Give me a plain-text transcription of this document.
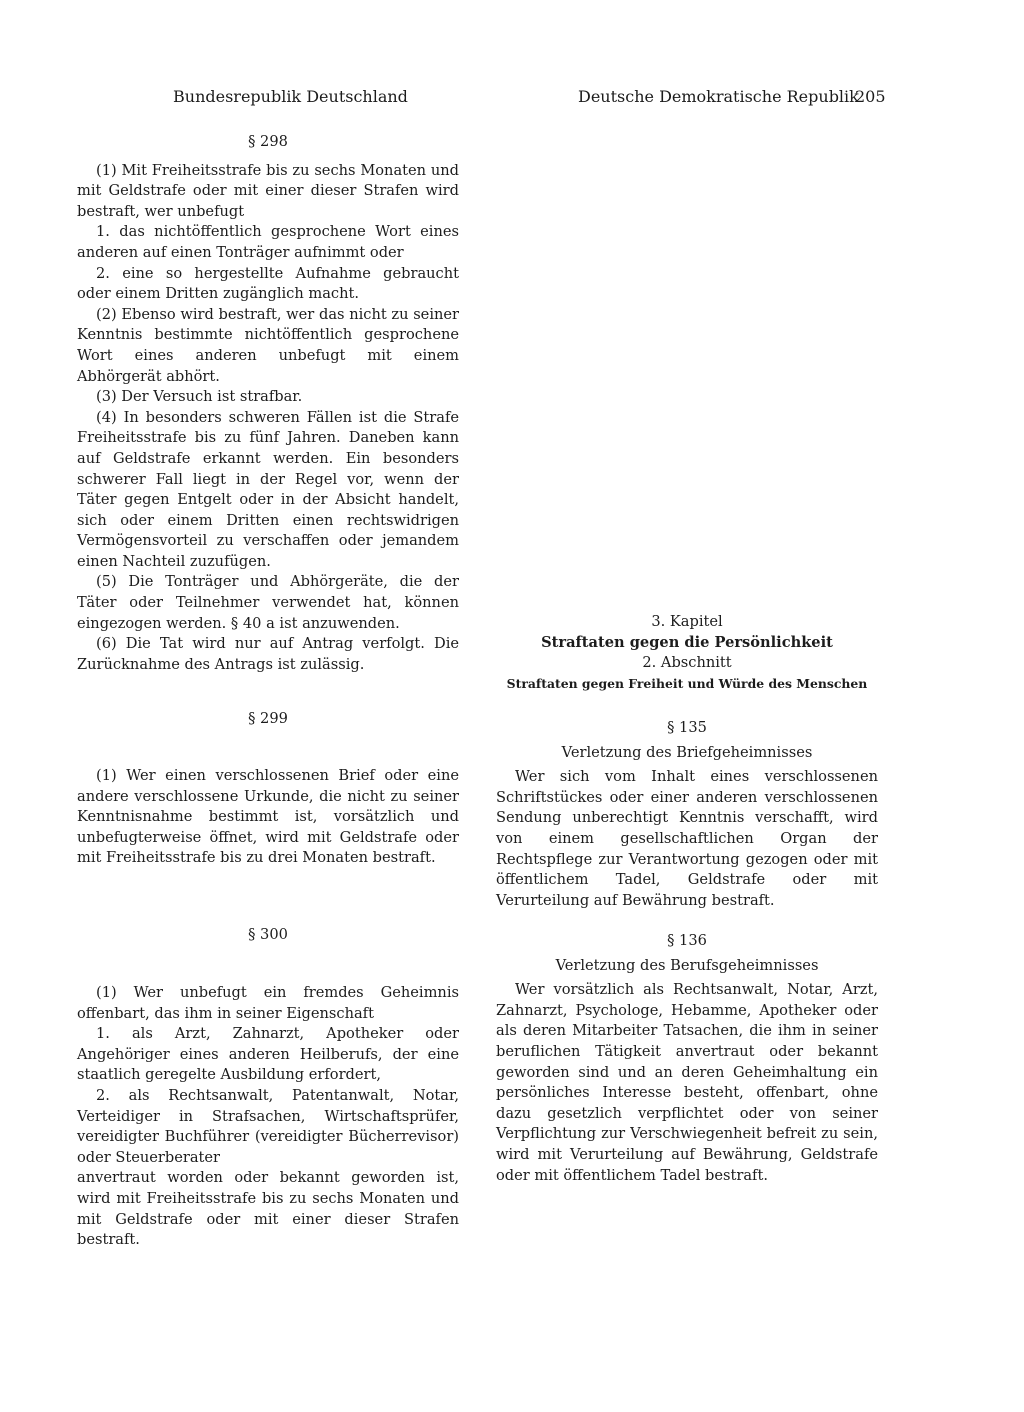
Bundesrepublik Deutschland	Deutsche Demokratische Republik
205
§ 298

(1) Mit Freiheitsstrafe bis zu sechs Monaten und mit Geldstrafe oder mit einer dieser Strafen wird bestraft, wer unbefugt

1. das nichtöffentlich gesprochene Wort eines anderen auf einen Tonträger aufnimmt oder

2. eine so hergestellte Aufnahme gebraucht oder einem Dritten zugänglich macht.

(2) Ebenso wird bestraft, wer das nicht zu seiner Kenntnis bestimmte nichtöffentlich gesprochene Wort eines anderen unbefugt mit einem Abhörgerät abhört.

(3) Der Versuch ist strafbar.

(4) In besonders schweren Fällen ist die Strafe Freiheitsstrafe bis zu fünf Jahren. Daneben kann auf Geldstrafe erkannt werden. Ein besonders schwerer Fall liegt in der Regel vor, wenn der Täter gegen Entgelt oder in der Absicht handelt, sich oder einem Dritten einen rechtswidrigen Vermögensvorteil zu verschaffen oder jemandem einen Nachteil zuzufügen.

(5) Die Tonträger und Abhörgeräte, die der Täter oder Teilnehmer verwendet hat, können eingezogen werden. § 40 a ist anzuwenden.

(6) Die Tat wird nur auf Antrag verfolgt. Die Zurücknahme des Antrags ist zulässig.

§ 299

(1) Wer einen verschlossenen Brief oder eine andere verschlossene Urkunde, die nicht zu seiner Kenntnisnahme bestimmt ist, vorsätzlich und unbefugterweise öffnet, wird mit Geldstrafe oder mit Freiheitsstrafe bis zu drei Monaten bestraft.

§ 300

(1) Wer unbefugt ein fremdes Geheimnis offenbart, das ihm in seiner Eigenschaft

1. als Arzt, Zahnarzt, Apotheker oder Angehöriger eines anderen Heilberufs, der eine staatlich geregelte Ausbildung erfordert,

2. als Rechtsanwalt, Patentanwalt, Notar, Verteidiger in Strafsachen, Wirtschaftsprüfer, vereidigter Buchführer (vereidigter Bücherrevisor) oder Steuerberater

anvertraut worden oder bekannt geworden ist, wird mit Freiheitsstrafe bis zu sechs Monaten und mit Geldstrafe oder mit einer dieser Strafen bestraft.

3. Kapitel
Straftaten gegen die Persönlichkeit
2. Abschnitt
Straftaten gegen Freiheit und Würde des Menschen
§ 135
Verletzung des Briefgeheimnisses

Wer sich vom Inhalt eines verschlossenen Schriftstückes oder einer anderen verschlossenen Sendung unberechtigt Kenntnis verschafft, wird von einem gesellschaftlichen Organ der Rechtspflege zur Verantwortung gezogen oder mit öffentlichem Tadel, Geldstrafe oder mit Verurteilung auf Bewährung bestraft.

§ 136
Verletzung des Berufsgeheimnisses

Wer vorsätzlich als Rechtsanwalt, Notar, Arzt, Zahnarzt, Psychologe, Hebamme, Apotheker oder als deren Mitarbeiter Tatsachen, die ihm in seiner beruflichen Tätigkeit anvertraut oder bekannt geworden sind und an deren Geheimhaltung ein persönliches Interesse besteht, offenbart, ohne dazu gesetzlich verpflichtet oder von seiner Verpflichtung zur Verschwiegenheit befreit zu sein, wird mit Verurteilung auf Bewährung, Geldstrafe oder mit öffentlichem Tadel bestraft.
